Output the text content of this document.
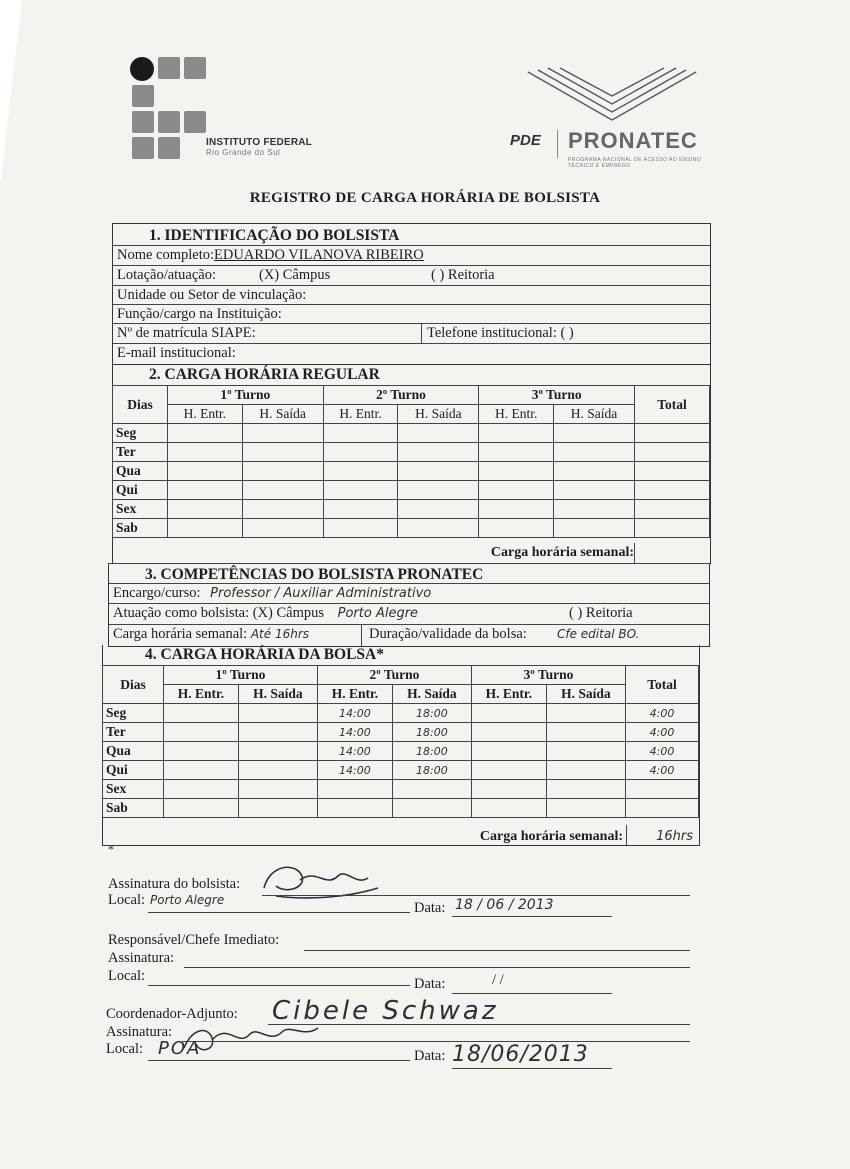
INSTITUTO FEDERAL
Rio Grande do Sul
PDE PRONATEC
PROGRAMA NACIONAL DE ACESSO AO ENSINO TÉCNICO E EMPREGO
REGISTRO DE CARGA HORÁRIA DE BOLSISTA
1. IDENTIFICAÇÃO DO BOLSISTA
Nome completo:EDUARDO VILANOVA RIBEIRO
Lotação/atuação:	(X) Câmpus	( ) Reitoria
Unidade ou Setor de vinculação:
Função/cargo na Instituição:
Nº de matrícula SIAPE:	Telefone institucional: ( )
E-mail institucional:
2. CARGA HORÁRIA REGULAR
Dias	1º Turno		2º Turno		3º Turno		Total
	H. Entr.	H. Saída	H. Entr.	H. Saída	H. Entr.	H. Saída	
Seg							
Ter							
Qua							
Qui							
Sex							
Sab							
Carga horária semanal:
3. COMPETÊNCIAS DO BOLSISTA PRONATEC
Encargo/curso: Professor / Auxiliar Administrativo
Atuação como bolsista: (X) Câmpus Porto Alegre	( ) Reitoria
Carga horária semanal: Até 16hrs	Duração/validade da bolsa:	Cfe edital BO.
4. CARGA HORÁRIA DA BOLSA*
Dias	1º Turno		2º Turno		3º Turno		Total
	H. Entr.	H. Saída	H. Entr.	H. Saída	H. Entr.	H. Saída	
Seg			14:00	18:00			4:00
Ter			14:00	18:00			4:00
Qua			14:00	18:00			4:00
Qui			14:00	18:00			4:00
Sex							
Sab							
Carga horária semanal:	16hrs
*
Assinatura do bolsista:
Local: Porto Alegre	Data: 18 / 06 / 2013
Responsável/Chefe Imediato:
Assinatura:
Local:	Data:	/ /
Coordenador-Adjunto: Cibele Schwaz
Assinatura:
Local: POA	Data: 18/06/2013
